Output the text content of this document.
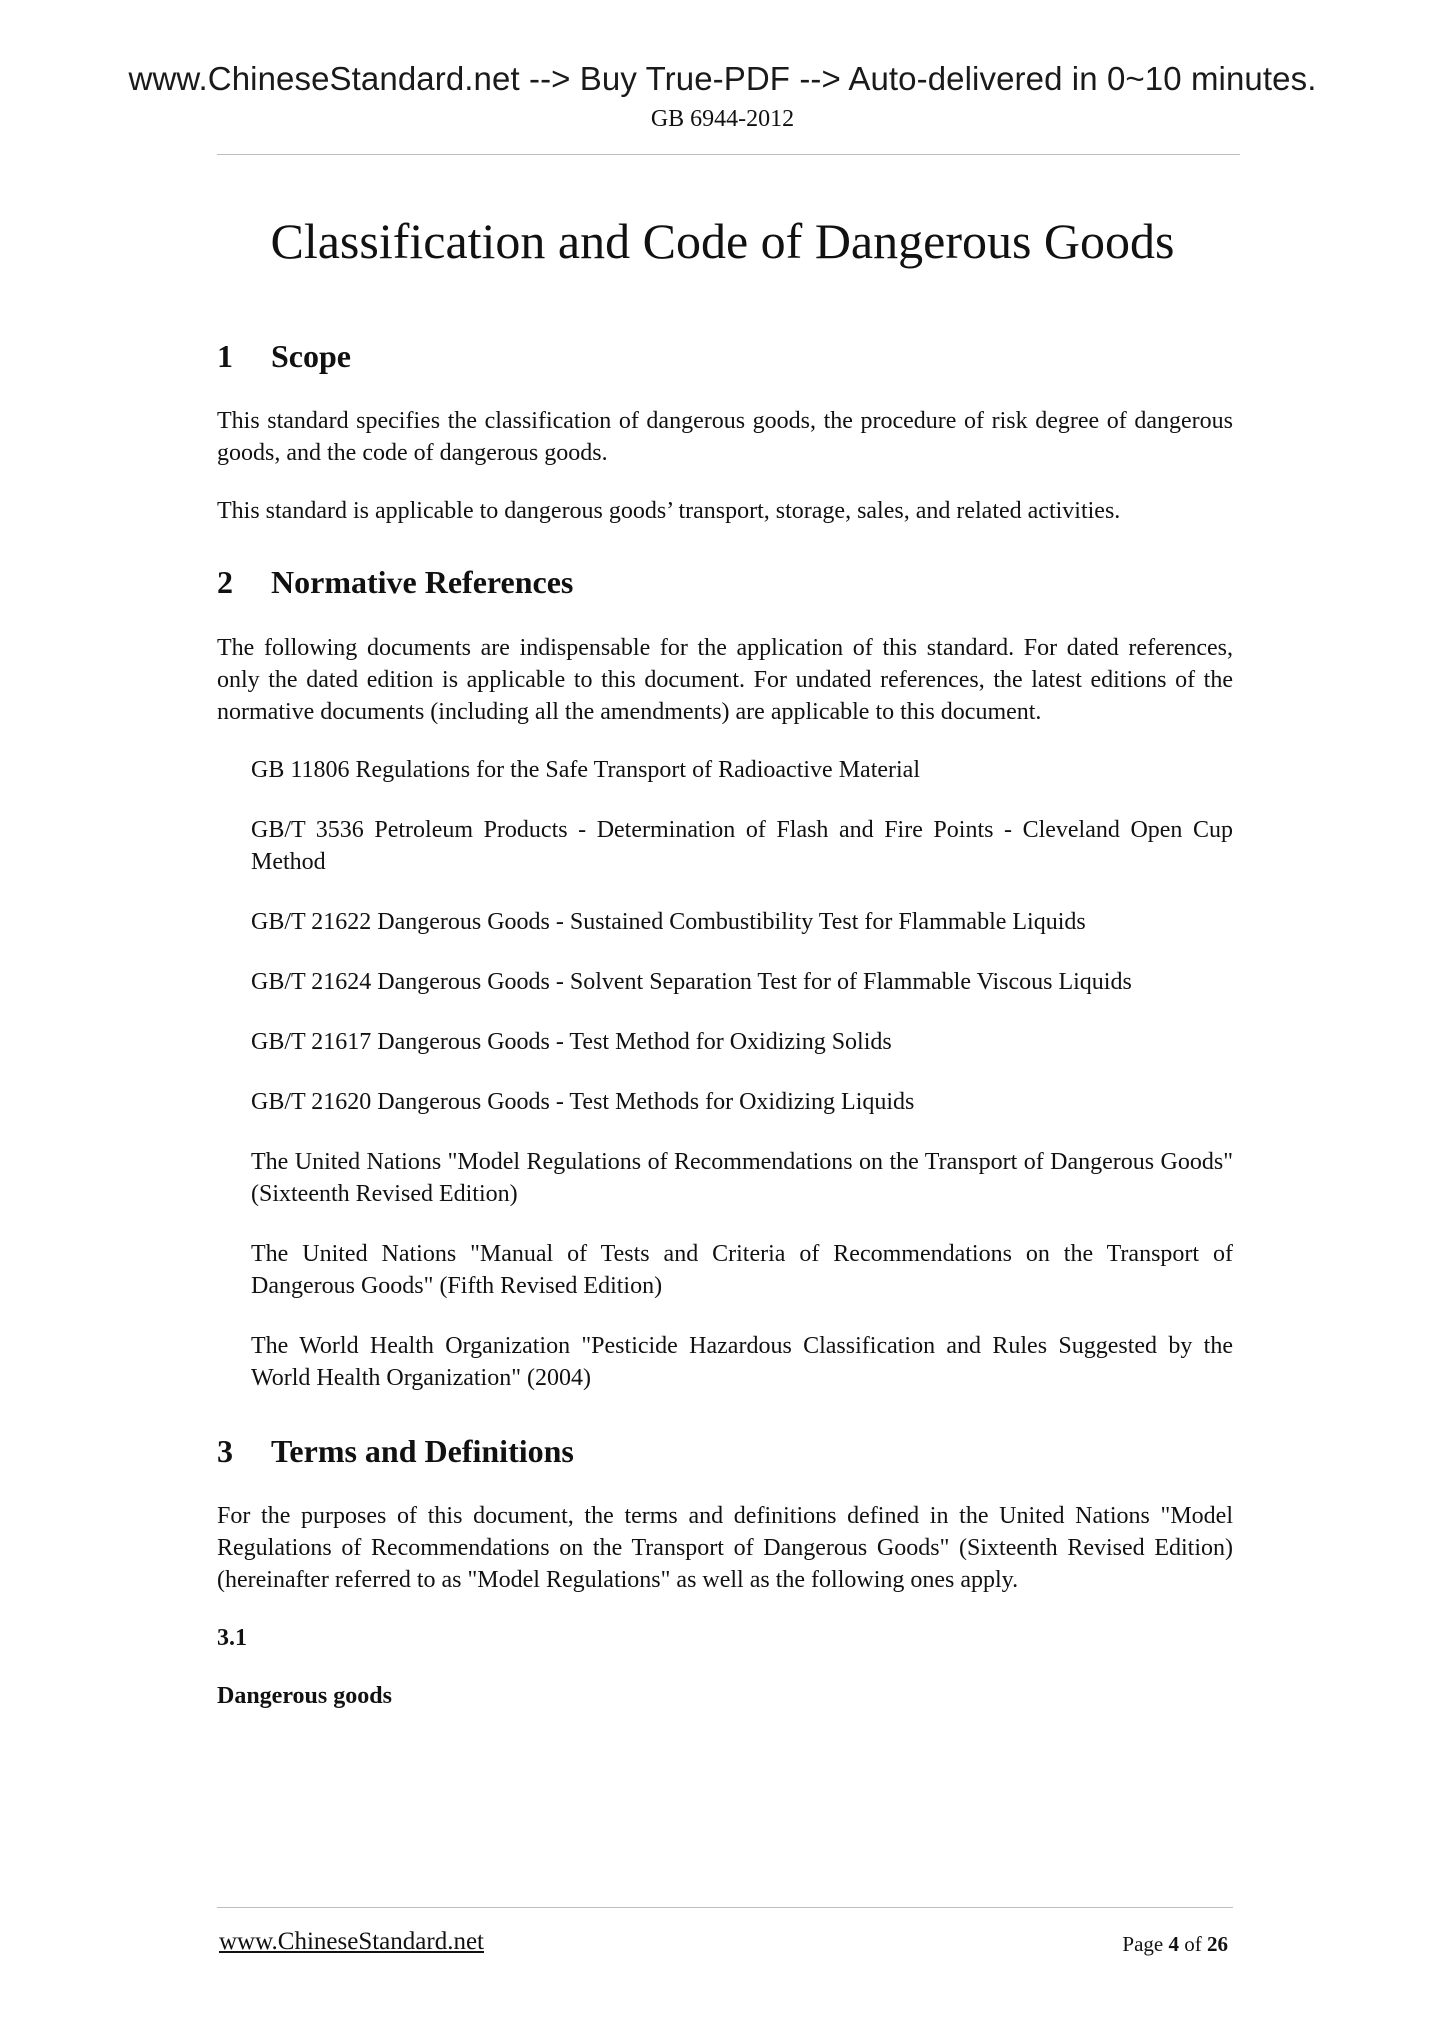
www.ChineseStandard.net --> Buy True-PDF --> Auto-delivered in 0~10 minutes.
GB 6944-2012
Classification and Code of Dangerous Goods
1 Scope

This standard specifies the classification of dangerous goods, the procedure of risk degree of dangerous goods, and the code of dangerous goods.

This standard is applicable to dangerous goods’ transport, storage, sales, and related activities.

2 Normative References

The following documents are indispensable for the application of this standard. For dated references, only the dated edition is applicable to this document. For undated references, the latest editions of the normative documents (including all the amendments) are applicable to this document.

GB 11806 Regulations for the Safe Transport of Radioactive Material

GB/T 3536 Petroleum Products - Determination of Flash and Fire Points - Cleveland Open Cup Method

GB/T 21622 Dangerous Goods - Sustained Combustibility Test for Flammable Liquids

GB/T 21624 Dangerous Goods - Solvent Separation Test for of Flammable Viscous Liquids

GB/T 21617 Dangerous Goods - Test Method for Oxidizing Solids

GB/T 21620 Dangerous Goods - Test Methods for Oxidizing Liquids

The United Nations "Model Regulations of Recommendations on the Transport of Dangerous Goods" (Sixteenth Revised Edition)

The United Nations "Manual of Tests and Criteria of Recommendations on the Transport of Dangerous Goods" (Fifth Revised Edition)

The World Health Organization "Pesticide Hazardous Classification and Rules Suggested by the World Health Organization" (2004)

3 Terms and Definitions

For the purposes of this document, the terms and definitions defined in the United Nations "Model Regulations of Recommendations on the Transport of Dangerous Goods" (Sixteenth Revised Edition) (hereinafter referred to as "Model Regulations" as well as the following ones apply.

3.1

Dangerous goods

www.ChineseStandard.net	Page 4 of 26
